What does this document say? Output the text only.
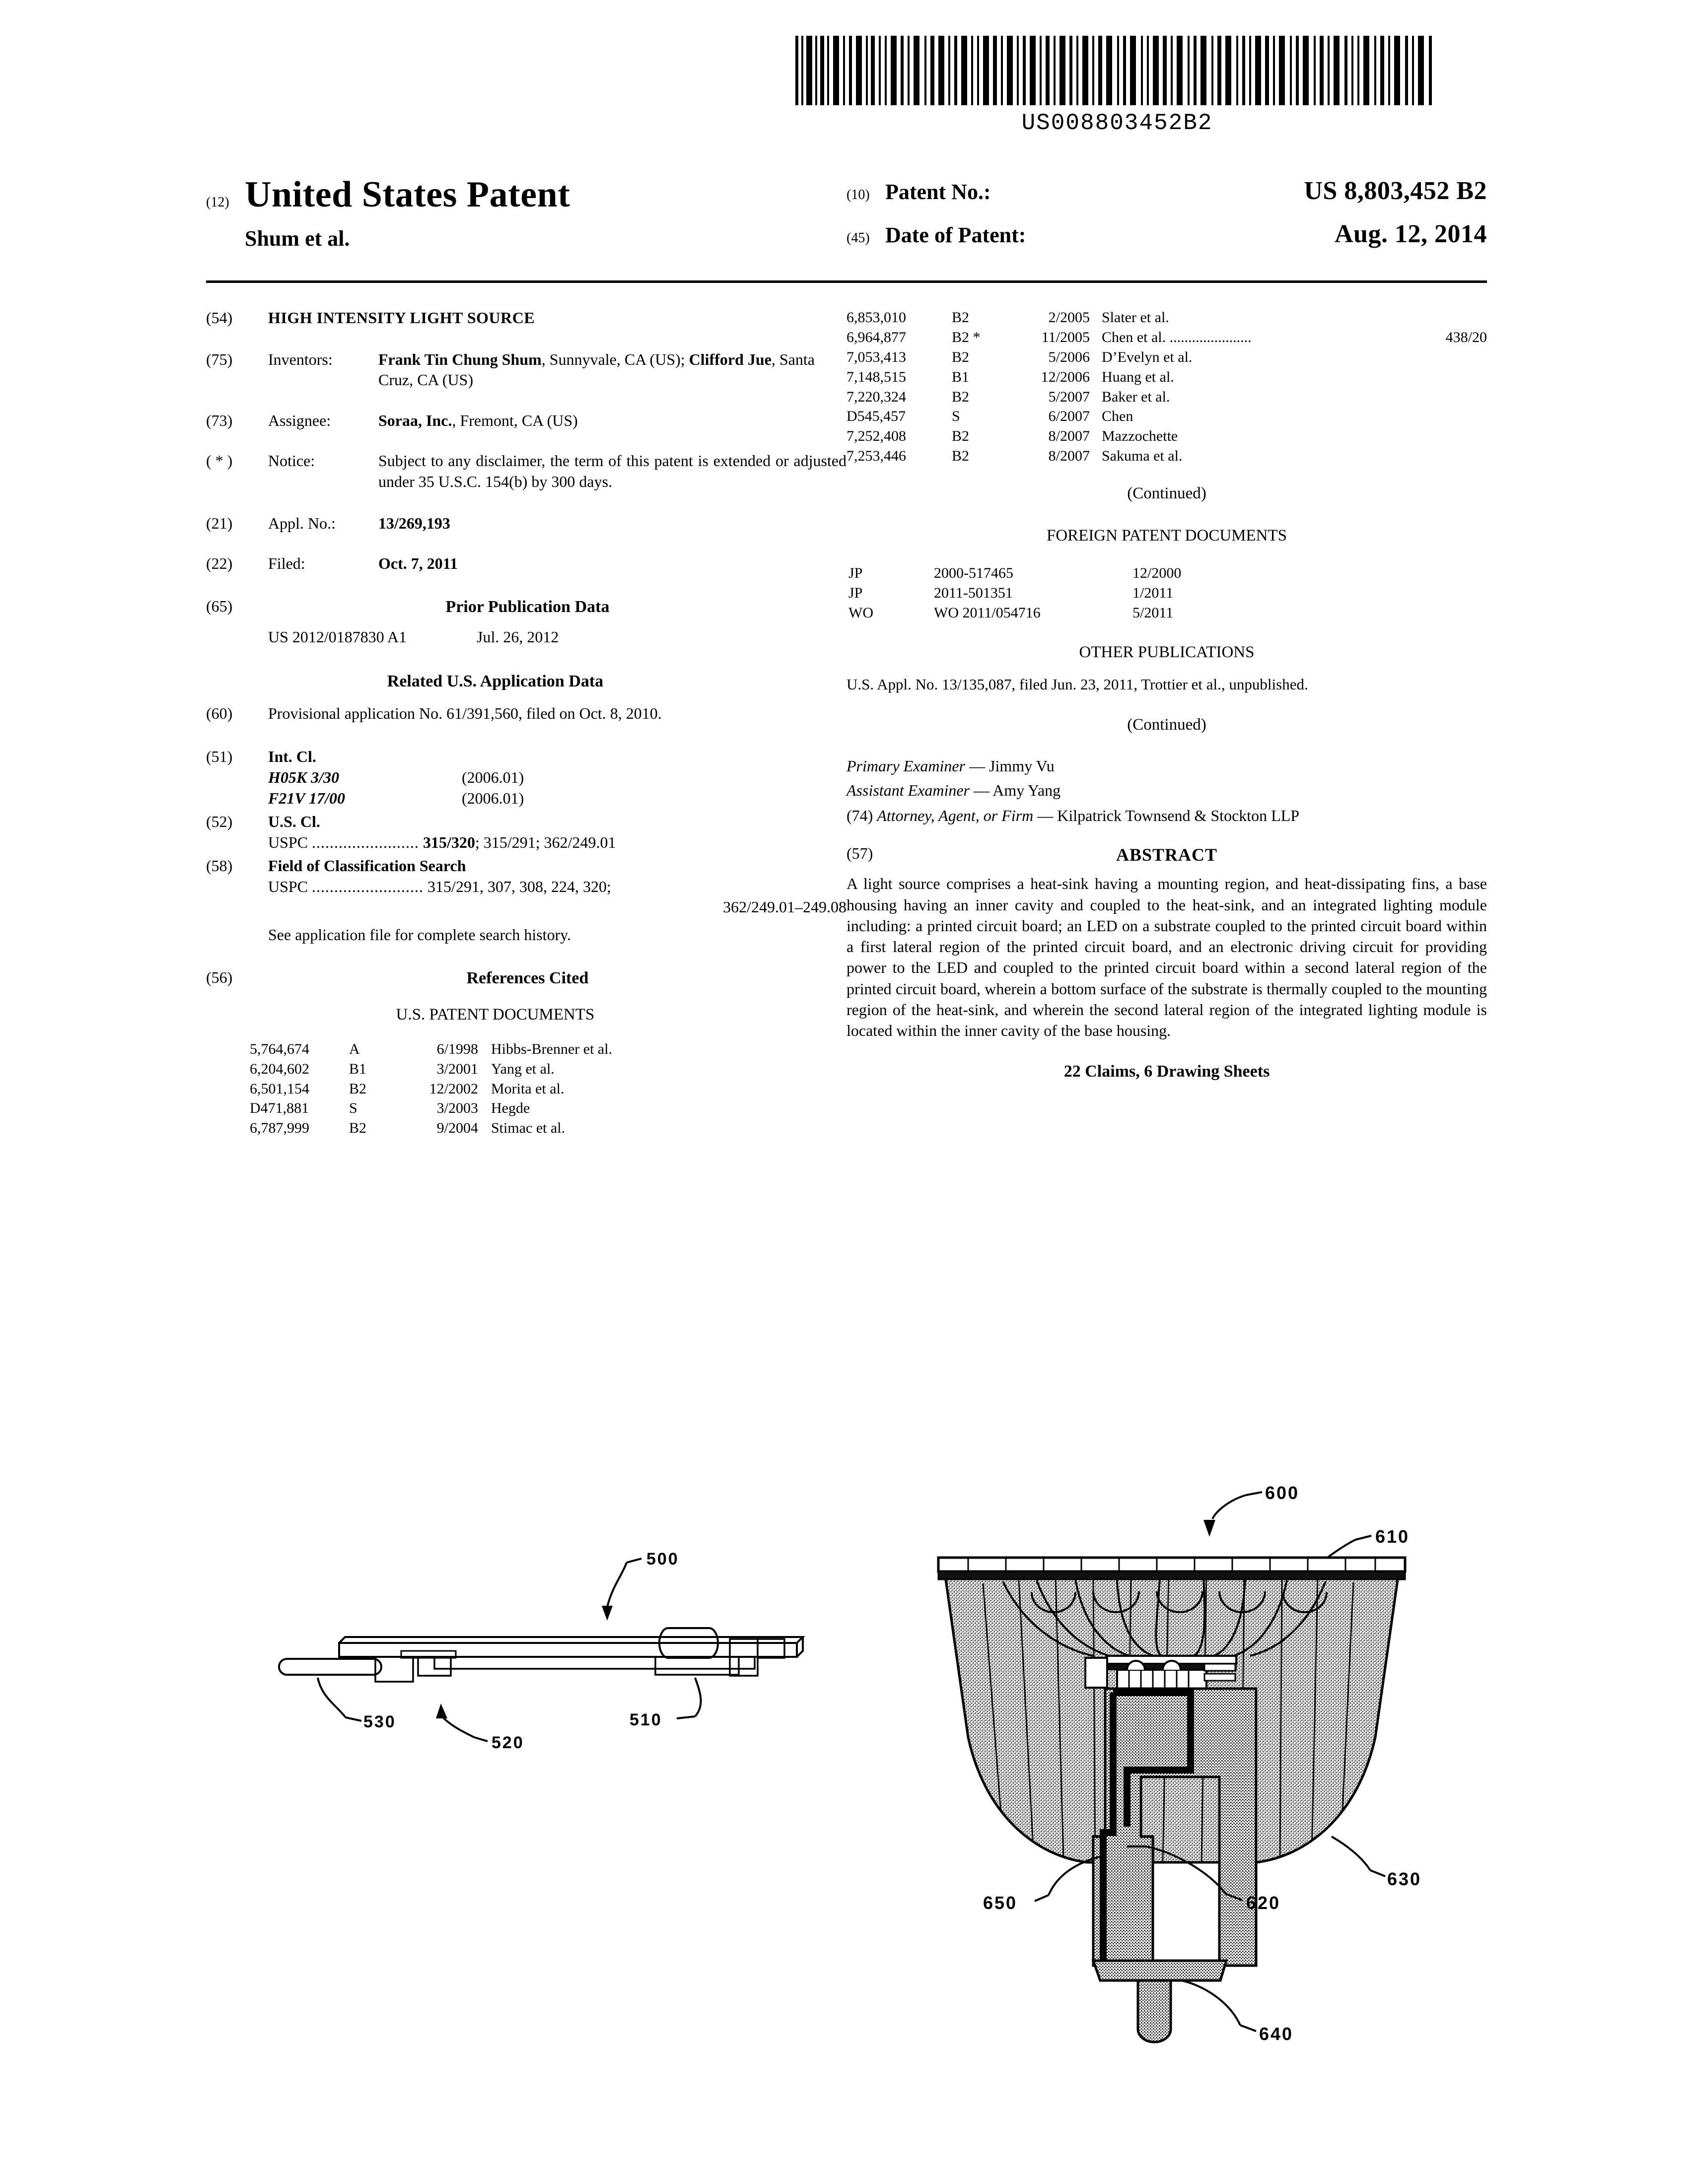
US008803452B2
(12) United States Patent
Shum et al.
(10) Patent No.:	US 8,803,452 B2
(45) Date of Patent:	Aug. 12, 2014
(54)	HIGH INTENSITY LIGHT SOURCE
(75)	Inventors:	Frank Tin Chung Shum, Sunnyvale, CA (US); Clifford Jue, Santa Cruz, CA (US)
(73)	Assignee:	Soraa, Inc., Fremont, CA (US)
( * )	Notice:	Subject to any disclaimer, the term of this patent is extended or adjusted under 35 U.S.C. 154(b) by 300 days.
(21)	Appl. No.:	13/269,193
(22)	Filed:	Oct. 7, 2011
(65)	Prior Publication Data
US 2012/0187830 A1	Jul. 26, 2012
Related U.S. Application Data
(60)	Provisional application No. 61/391,560, filed on Oct. 8, 2010.
(51)	Int. Cl.
H05K 3/30	(2006.01)
F21V 17/00	(2006.01)
(52)	U.S. Cl.
USPC ........................ 315/320; 315/291; 362/249.01
(58)	Field of Classification Search
USPC ......................... 315/291, 307, 308, 224, 320;
362/249.01–249.08
See application file for complete search history.
(56)	References Cited
U.S. PATENT DOCUMENTS
5,764,674	A	6/1998 Hibbs-Brenner et al.
6,204,602	B1	3/2001 Yang et al.
6,501,154	B2	12/2002 Morita et al.
D471,881	S	3/2003 Hegde
6,787,999	B2	9/2004 Stimac et al.
6,853,010	B2	2/2005 Slater et al.
6,964,877	B2 *	11/2005 Chen et al. ......................	438/20
7,053,413	B2	5/2006 D’Evelyn et al.
7,148,515	B1	12/2006 Huang et al.
7,220,324	B2	5/2007 Baker et al.
D545,457	S	6/2007 Chen
7,252,408	B2	8/2007 Mazzochette
7,253,446	B2	8/2007 Sakuma et al.
(Continued)
FOREIGN PATENT DOCUMENTS
JP	2000-517465	12/2000
JP	2011-501351	1/2011
WO	WO 2011/054716	5/2011
OTHER PUBLICATIONS
U.S. Appl. No. 13/135,087, filed Jun. 23, 2011, Trottier et al., unpublished.
(Continued)
Primary Examiner — Jimmy Vu
Assistant Examiner — Amy Yang
(74) Attorney, Agent, or Firm — Kilpatrick Townsend & Stockton LLP
(57)	ABSTRACT
A light source comprises a heat-sink having a mounting region, and heat-dissipating fins, a base housing having an inner cavity and coupled to the heat-sink, and an integrated lighting module including: a printed circuit board; an LED on a substrate coupled to the printed circuit board within a first lateral region of the printed circuit board, and an electronic driving circuit for providing power to the LED and coupled to the printed circuit board within a second lateral region of the printed circuit board, wherein a bottom surface of the substrate is thermally coupled to the mounting region of the heat-sink, and wherein the second lateral region of the integrated lighting module is located within the inner cavity of the base housing.
22 Claims, 6 Drawing Sheets
500
530
520
510
600
610
630
650	620
640
